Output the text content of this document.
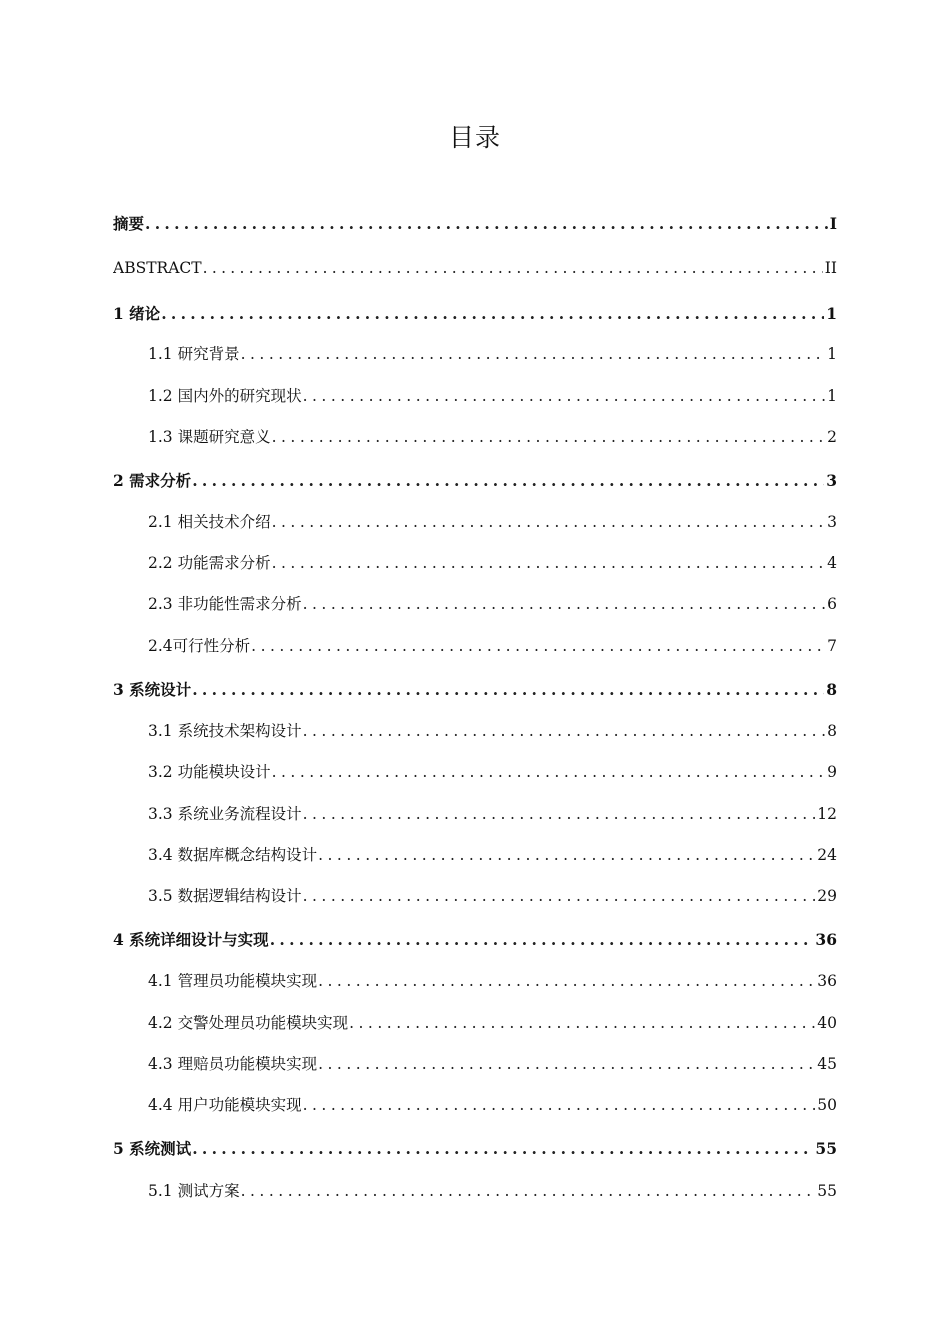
目录
摘要 .....	I
ABSTRACT .....	II
1 绪论 .....	1
1.1 研究背景 .....	1
1.2 国内外的研究现状 .....	1
1.3 课题研究意义 .....	2
2 需求分析 .....	3
2.1 相关技术介绍 .....	3
2.2 功能需求分析 .....	4
2.3 非功能性需求分析 .....	6
2.4可行性分析 .....	7
3 系统设计 .....	8
3.1 系统技术架构设计 .....	8
3.2 功能模块设计 .....	9
3.3 系统业务流程设计 .....	12
3.4 数据库概念结构设计 .....	24
3.5 数据逻辑结构设计 .....	29
4 系统详细设计与实现 .....	36
4.1 管理员功能模块实现 .....	36
4.2 交警处理员功能模块实现 .....	40
4.3 理赔员功能模块实现 .....	45
4.4 用户功能模块实现 .....	50
5 系统测试 .....	55
5.1 测试方案 .....	55
